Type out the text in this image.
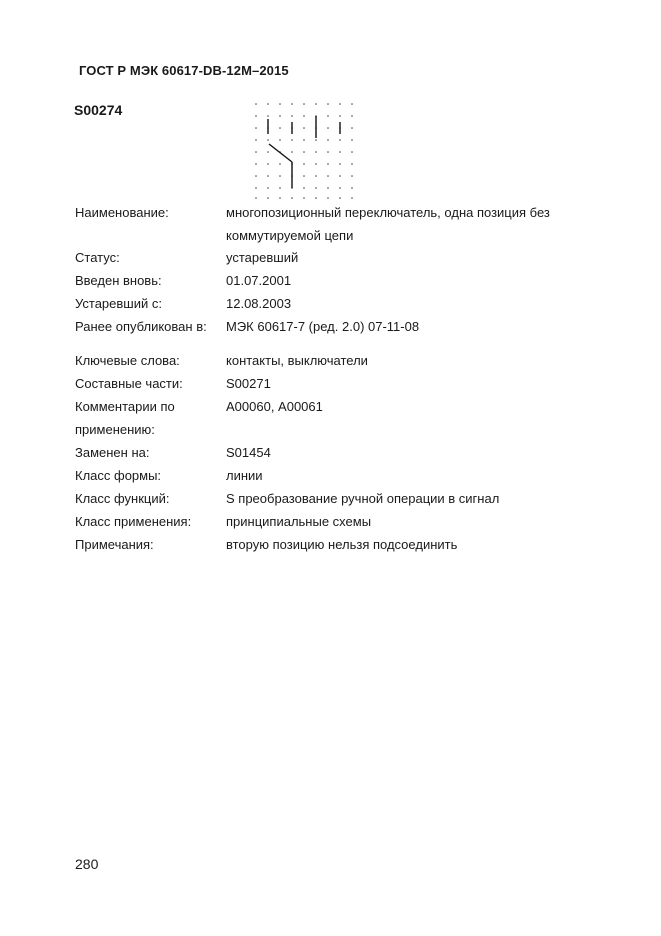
ГОСТ Р МЭК 60617-DB-12M–2015
S00274
Наименование:	многопозиционный переключатель, одна позиция без
коммутируемой цепи
Статус:	устаревший
Введен вновь:	01.07.2001
Устаревший с:	12.08.2003
Ранее опубликован в: МЭК 60617-7 (ред. 2.0) 07-11-08
Ключевые слова:	контакты, выключатели
Составные части:	S00271
Комментарии по	А00060, А00061
применению:
Заменен на:	S01454
Класс формы:	линии
Класс функций:	S преобразование ручной операции в сигнал
Класс применения:	принципиальные схемы
Примечания:	вторую позицию нельзя подсоединить
280
